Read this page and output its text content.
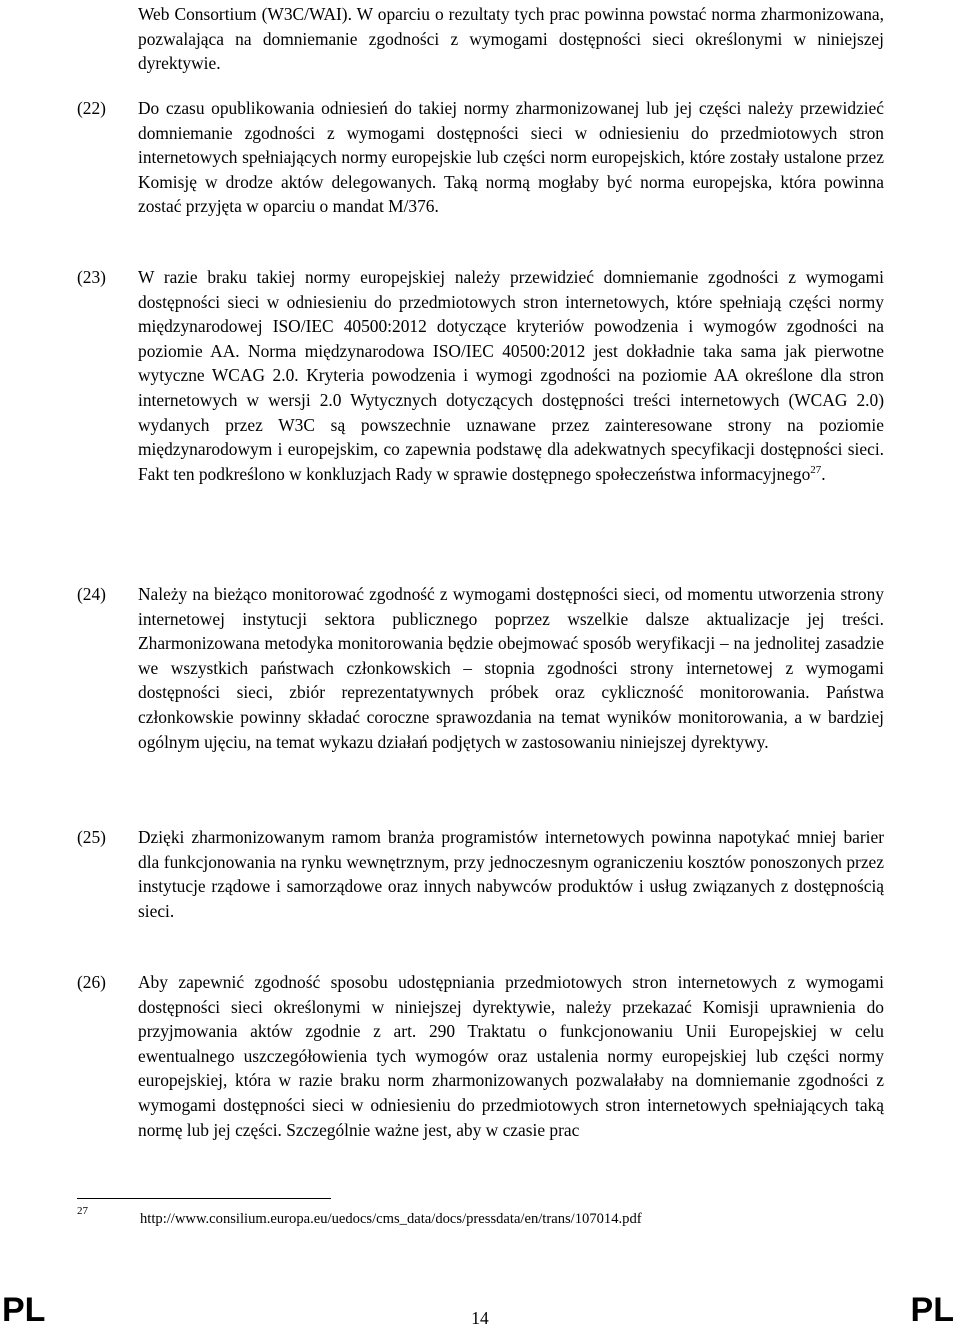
Web Consortium (W3C/WAI). W oparciu o rezultaty tych prac powinna powstać norma zharmonizowana, pozwalająca na domniemanie zgodności z wymogami dostępności sieci określonymi w niniejszej dyrektywie.
(22) Do czasu opublikowania odniesień do takiej normy zharmonizowanej lub jej części należy przewidzieć domniemanie zgodności z wymogami dostępności sieci w odniesieniu do przedmiotowych stron internetowych spełniających normy europejskie lub części norm europejskich, które zostały ustalone przez Komisję w drodze aktów delegowanych. Taką normą mogłaby być norma europejska, która powinna zostać przyjęta w oparciu o mandat M/376.
(23) W razie braku takiej normy europejskiej należy przewidzieć domniemanie zgodności z wymogami dostępności sieci w odniesieniu do przedmiotowych stron internetowych, które spełniają części normy międzynarodowej ISO/IEC 40500:2012 dotyczące kryteriów powodzenia i wymogów zgodności na poziomie AA. Norma międzynarodowa ISO/IEC 40500:2012 jest dokładnie taka sama jak pierwotne wytyczne WCAG 2.0. Kryteria powodzenia i wymogi zgodności na poziomie AA określone dla stron internetowych w wersji 2.0 Wytycznych dotyczących dostępności treści internetowych (WCAG 2.0) wydanych przez W3C są powszechnie uznawane przez zainteresowane strony na poziomie międzynarodowym i europejskim, co zapewnia podstawę dla adekwatnych specyfikacji dostępności sieci. Fakt ten podkreślono w konkluzjach Rady w sprawie dostępnego społeczeństwa informacyjnego$^{27}$.
(24) Należy na bieżąco monitorować zgodność z wymogami dostępności sieci, od momentu utworzenia strony internetowej instytucji sektora publicznego poprzez wszelkie dalsze aktualizacje jej treści. Zharmonizowana metodyka monitorowania będzie obejmować sposób weryfikacji – na jednolitej zasadzie we wszystkich państwach członkowskich – stopnia zgodności strony internetowej z wymogami dostępności sieci, zbiór reprezentatywnych próbek oraz cykliczność monitorowania. Państwa członkowskie powinny składać coroczne sprawozdania na temat wyników monitorowania, a w bardziej ogólnym ujęciu, na temat wykazu działań podjętych w zastosowaniu niniejszej dyrektywy.
(25) Dzięki zharmonizowanym ramom branża programistów internetowych powinna napotykać mniej barier dla funkcjonowania na rynku wewnętrznym, przy jednoczesnym ograniczeniu kosztów ponoszonych przez instytucje rządowe i samorządowe oraz innych nabywców produktów i usług związanych z dostępnością sieci.
(26) Aby zapewnić zgodność sposobu udostępniania przedmiotowych stron internetowych z wymogami dostępności sieci określonymi w niniejszej dyrektywie, należy przekazać Komisji uprawnienia do przyjmowania aktów zgodnie z art. 290 Traktatu o funkcjonowaniu Unii Europejskiej w celu ewentualnego uszczegółowienia tych wymogów oraz ustalenia normy europejskiej lub części normy europejskiej, która w razie braku norm zharmonizowanych pozwalałaby na domniemanie zgodności z wymogami dostępności sieci w odniesieniu do przedmiotowych stron internetowych spełniających taką normę lub jej części. Szczególnie ważne jest, aby w czasie prac
27	http://www.consilium.europa.eu/uedocs/cms_data/docs/pressdata/en/trans/107014.pdf
PL	14	PL
